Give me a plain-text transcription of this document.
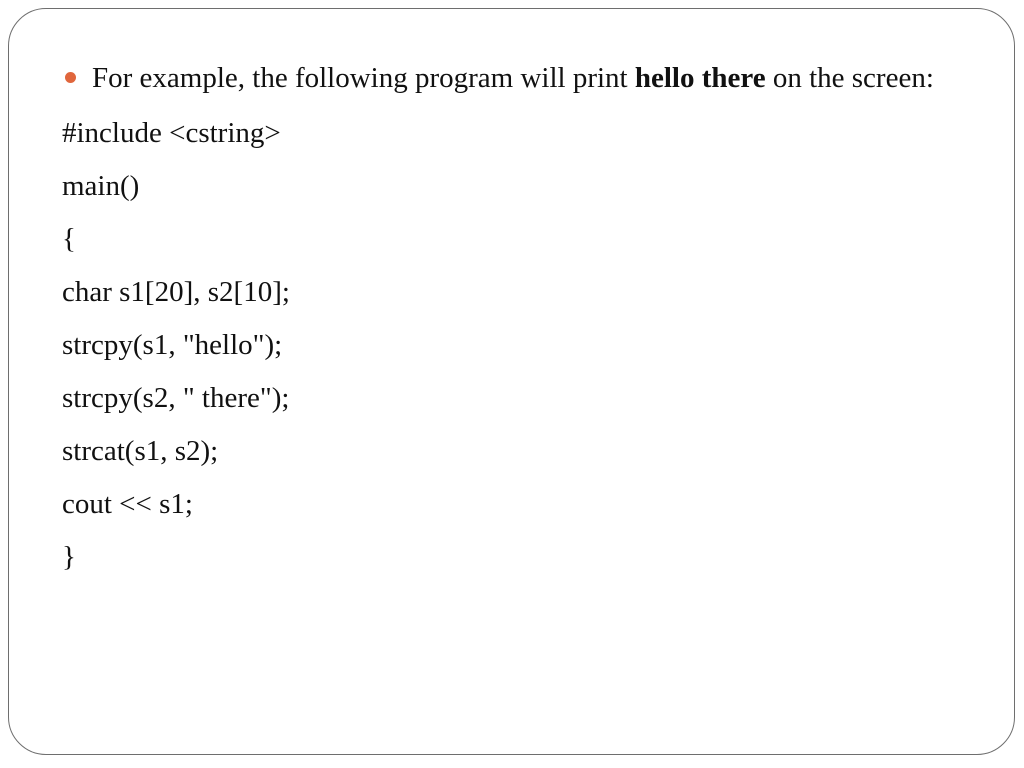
For example, the following program will print hello there on the screen:
#include <cstring>
main()
{
char s1[20], s2[10];
strcpy(s1, "hello");
strcpy(s2, " there");
strcat(s1, s2);
cout << s1;
}
